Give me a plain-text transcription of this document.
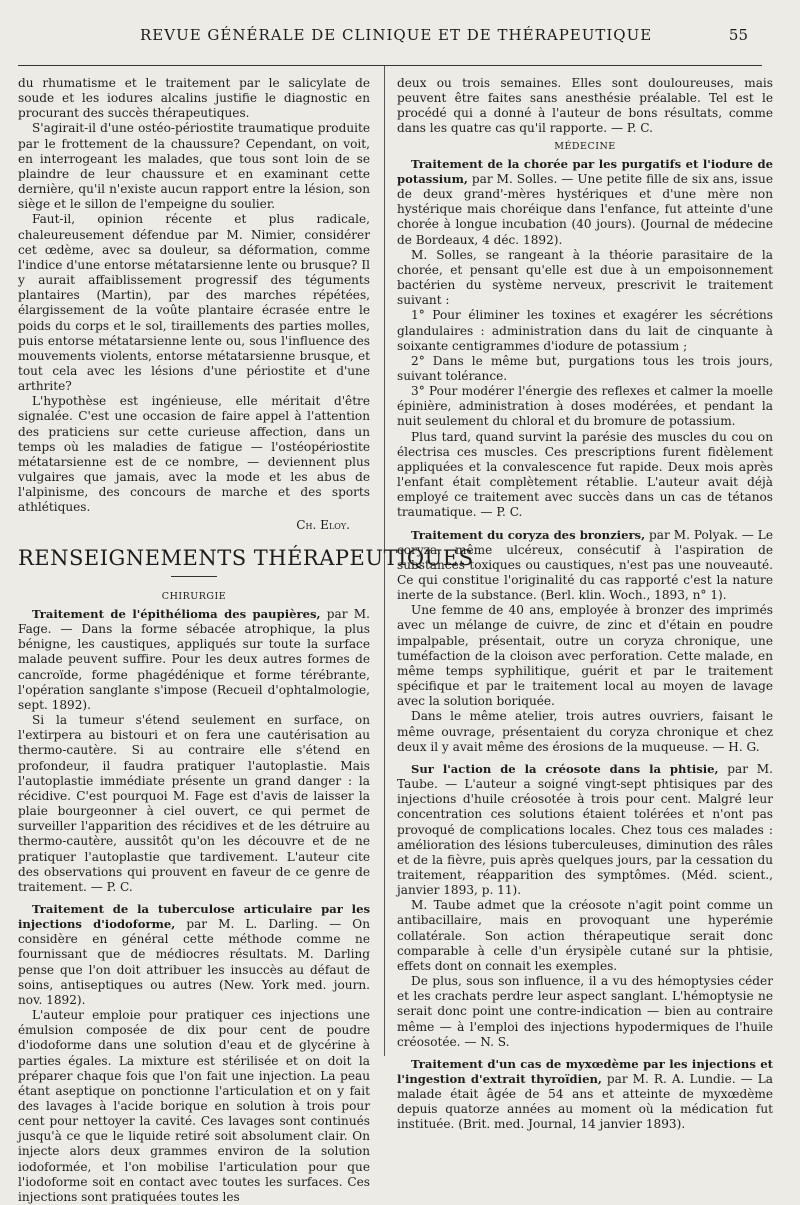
REVUE GÉNÉRALE DE CLINIQUE ET DE THÉRAPEUTIQUE	55

du rhumatisme et le traitement par le salicylate de soude et les iodures alcalins justifie le diagnostic en procurant des succès thérapeutiques.

S'agirait-il d'une ostéo-périostite traumatique produite par le frottement de la chaussure? Cependant, on voit, en interrogeant les malades, que tous sont loin de se plaindre de leur chaussure et en examinant cette dernière, qu'il n'existe aucun rapport entre la lésion, son siège et le sillon de l'empeigne du soulier.

Faut-il, opinion récente et plus radicale, chaleureusement défendue par M. Nimier, considérer cet œdème, avec sa douleur, sa déformation, comme l'indice d'une entorse métatarsienne lente ou brusque? Il y aurait affaiblissement progressif des téguments plantaires (Martin), par des marches répétées, élargissement de la voûte plantaire écrasée entre le poids du corps et le sol, tiraillements des parties molles, puis entorse métatarsienne lente ou, sous l'influence des mouvements violents, entorse métatarsienne brusque, et tout cela avec les lésions d'une périostite et d'une arthrite?

L'hypothèse est ingénieuse, elle méritait d'être signalée. C'est une occasion de faire appel à l'attention des praticiens sur cette curieuse affection, dans un temps où les maladies de fatigue — l'ostéopériostite métatarsienne est de ce nombre, — deviennent plus vulgaires que jamais, avec la mode et les abus de l'alpinisme, des concours de marche et des sports athlétiques.

Ch. Eloy.
RENSEIGNEMENTS THÉRAPEUTIQUES
CHIRURGIE

Traitement de l'épithélioma des paupières, par M. Fage. — Dans la forme sébacée atrophique, la plus bénigne, les caustiques, appliqués sur toute la surface malade peuvent suffire. Pour les deux autres formes de cancroïde, forme phagédénique et forme térébrante, l'opération sanglante s'impose (Recueil d'ophtalmologie, sept. 1892).

Si la tumeur s'étend seulement en surface, on l'extirpera au bistouri et on fera une cautérisation au thermo-cautère. Si au contraire elle s'étend en profondeur, il faudra pratiquer l'autoplastie. Mais l'autoplastie immédiate présente un grand danger : la récidive. C'est pourquoi M. Fage est d'avis de laisser la plaie bourgeonner à ciel ouvert, ce qui permet de surveiller l'apparition des récidives et de les détruire au thermo-cautère, aussitôt qu'on les découvre et de ne pratiquer l'autoplastie que tardivement. L'auteur cite des observations qui prouvent en faveur de ce genre de traitement. — P. C.

Traitement de la tuberculose articulaire par les injections d'iodoforme, par M. L. Darling. — On considère en général cette méthode comme ne fournissant que de médiocres résultats. M. Darling pense que l'on doit attribuer les insuccès au défaut de soins, antiseptiques ou autres (New. York med. journ. nov. 1892).

L'auteur emploie pour pratiquer ces injections une émulsion composée de dix pour cent de poudre d'iodoforme dans une solution d'eau et de glycérine à parties égales. La mixture est stérilisée et on doit la préparer chaque fois que l'on fait une injection. La peau étant aseptique on ponctionne l'articulation et on y fait des lavages à l'acide borique en solution à trois pour cent pour nettoyer la cavité. Ces lavages sont continués jusqu'à ce que le liquide retiré soit absolument clair. On injecte alors deux grammes environ de la solution iodoformée, et l'on mobilise l'articulation pour que l'iodoforme soit en contact avec toutes les surfaces. Ces injections sont pratiquées toutes les

deux ou trois semaines. Elles sont douloureuses, mais peuvent être faites sans anesthésie préalable. Tel est le procédé qui a donné à l'auteur de bons résultats, comme dans les quatre cas qu'il rapporte. — P. C.

MÉDECINE

Traitement de la chorée par les purgatifs et l'iodure de potassium, par M. Solles. — Une petite fille de six ans, issue de deux grand'-mères hystériques et d'une mère non hystérique mais choréique dans l'enfance, fut atteinte d'une chorée à longue incubation (40 jours). (Journal de médecine de Bordeaux, 4 déc. 1892).

M. Solles, se rangeant à la théorie parasitaire de la chorée, et pensant qu'elle est due à un empoisonnement bactérien du système nerveux, prescrivit le traitement suivant :

1° Pour éliminer les toxines et exagérer les sécrétions glandulaires : administration dans du lait de cinquante à soixante centigrammes d'iodure de potassium ;

2° Dans le même but, purgations tous les trois jours, suivant tolérance.

3° Pour modérer l'énergie des reflexes et calmer la moelle épinière, administration à doses modérées, et pendant la nuit seulement du chloral et du bromure de potassium.

Plus tard, quand survint la parésie des muscles du cou on électrisa ces muscles. Ces prescriptions furent fidèlement appliquées et la convalescence fut rapide. Deux mois après l'enfant était complètement rétablie. L'auteur avait déjà employé ce traitement avec succès dans un cas de tétanos traumatique. — P. C.

Traitement du coryza des bronziers, par M. Polyak. — Le coryza, même ulcéreux, consécutif à l'aspiration de substances toxiques ou caustiques, n'est pas une nouveauté. Ce qui constitue l'originalité du cas rapporté c'est la nature inerte de la substance. (Berl. klin. Woch., 1893, n° 1).

Une femme de 40 ans, employée à bronzer des imprimés avec un mélange de cuivre, de zinc et d'étain en poudre impalpable, présentait, outre un coryza chronique, une tuméfaction de la cloison avec perforation. Cette malade, en même temps syphilitique, guérit et par le traitement spécifique et par le traitement local au moyen de lavage avec la solution boriquée.

Dans le même atelier, trois autres ouvriers, faisant le même ouvrage, présentaient du coryza chronique et chez deux il y avait même des érosions de la muqueuse. — H. G.

Sur l'action de la créosote dans la phtisie, par M. Taube. — L'auteur a soigné vingt-sept phtisiques par des injections d'huile créosotée à trois pour cent. Malgré leur concentration ces solutions étaient tolérées et n'ont pas provoqué de complications locales. Chez tous ces malades : amélioration des lésions tuberculeuses, diminution des râles et de la fièvre, puis après quelques jours, par la cessation du traitement, réapparition des symptômes. (Méd. scient., janvier 1893, p. 11).

M. Taube admet que la créosote n'agit point comme un antibacillaire, mais en provoquant une hyperémie collatérale. Son action thérapeutique serait donc comparable à celle d'un érysipèle cutané sur la phtisie, effets dont on connait les exemples.

De plus, sous son influence, il a vu des hémoptysies céder et les crachats perdre leur aspect sanglant. L'hémoptysie ne serait donc point une contre-indication — bien au contraire même — à l'emploi des injections hypodermiques de l'huile créosotée. — N. S.

Traitement d'un cas de myxœdème par les injections et l'ingestion d'extrait thyroïdien, par M. R. A. Lundie. — La malade était âgée de 54 ans et atteinte de myxœdème depuis quatorze années au moment où la médication fut instituée. (Brit. med. Journal, 14 janvier 1893).
